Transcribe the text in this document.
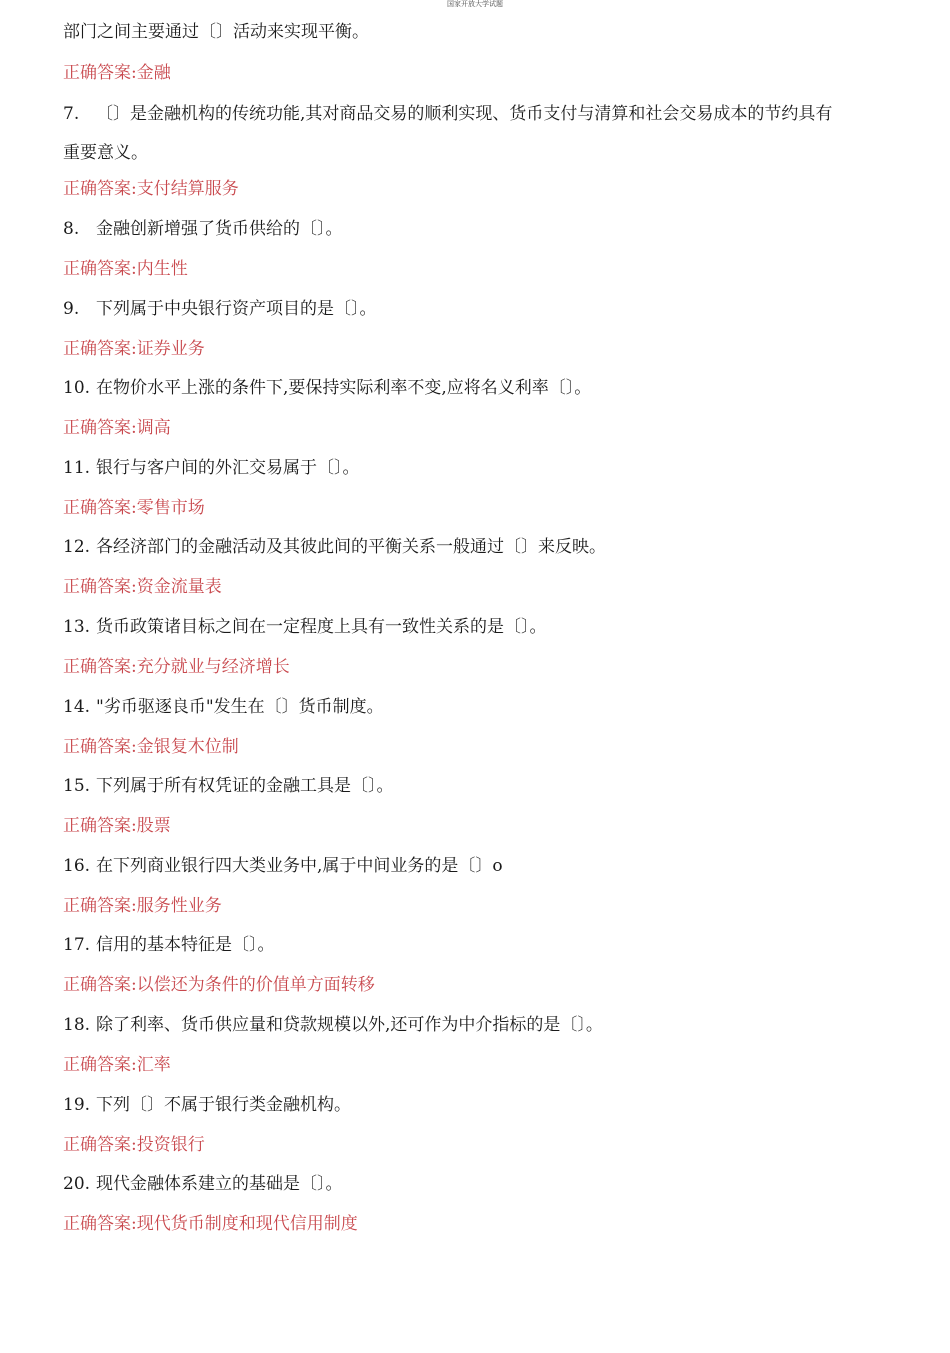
国家开放大学试题
部门之间主要通过〔〕活动来实现平衡。
正确答案:金融
7. 〔〕是金融机构的传统功能,其对商品交易的顺利实现、货币支付与清算和社会交易成本的节约具有
重要意义。
正确答案:支付结算服务
8. 金融创新增强了货币供给的〔〕。
正确答案:内生性
9. 下列属于中央银行资产项目的是〔〕。
正确答案:证券业务
10. 在物价水平上涨的条件下,要保持实际利率不变,应将名义利率〔〕。
正确答案:调高
11. 银行与客户间的外汇交易属于〔〕。
正确答案:零售市场
12. 各经济部门的金融活动及其彼此间的平衡关系一般通过〔〕来反映。
正确答案:资金流量表
13. 货币政策诸目标之间在一定程度上具有一致性关系的是〔〕。
正确答案:充分就业与经济增长
14. "劣币驱逐良币"发生在〔〕货币制度。
正确答案:金银复木位制
15. 下列属于所有权凭证的金融工具是〔〕。
正确答案:股票
16. 在下列商业银行四大类业务中,属于中间业务的是〔〕o
正确答案:服务性业务
17. 信用的基本特征是〔〕。
正确答案:以偿还为条件的价值单方面转移
18. 除了利率、货币供应量和贷款规模以外,还可作为中介指标的是〔〕。
正确答案:汇率
19. 下列〔〕不属于银行类金融机构。
正确答案:投资银行
20. 现代金融体系建立的基础是〔〕。
正确答案:现代货币制度和现代信用制度
